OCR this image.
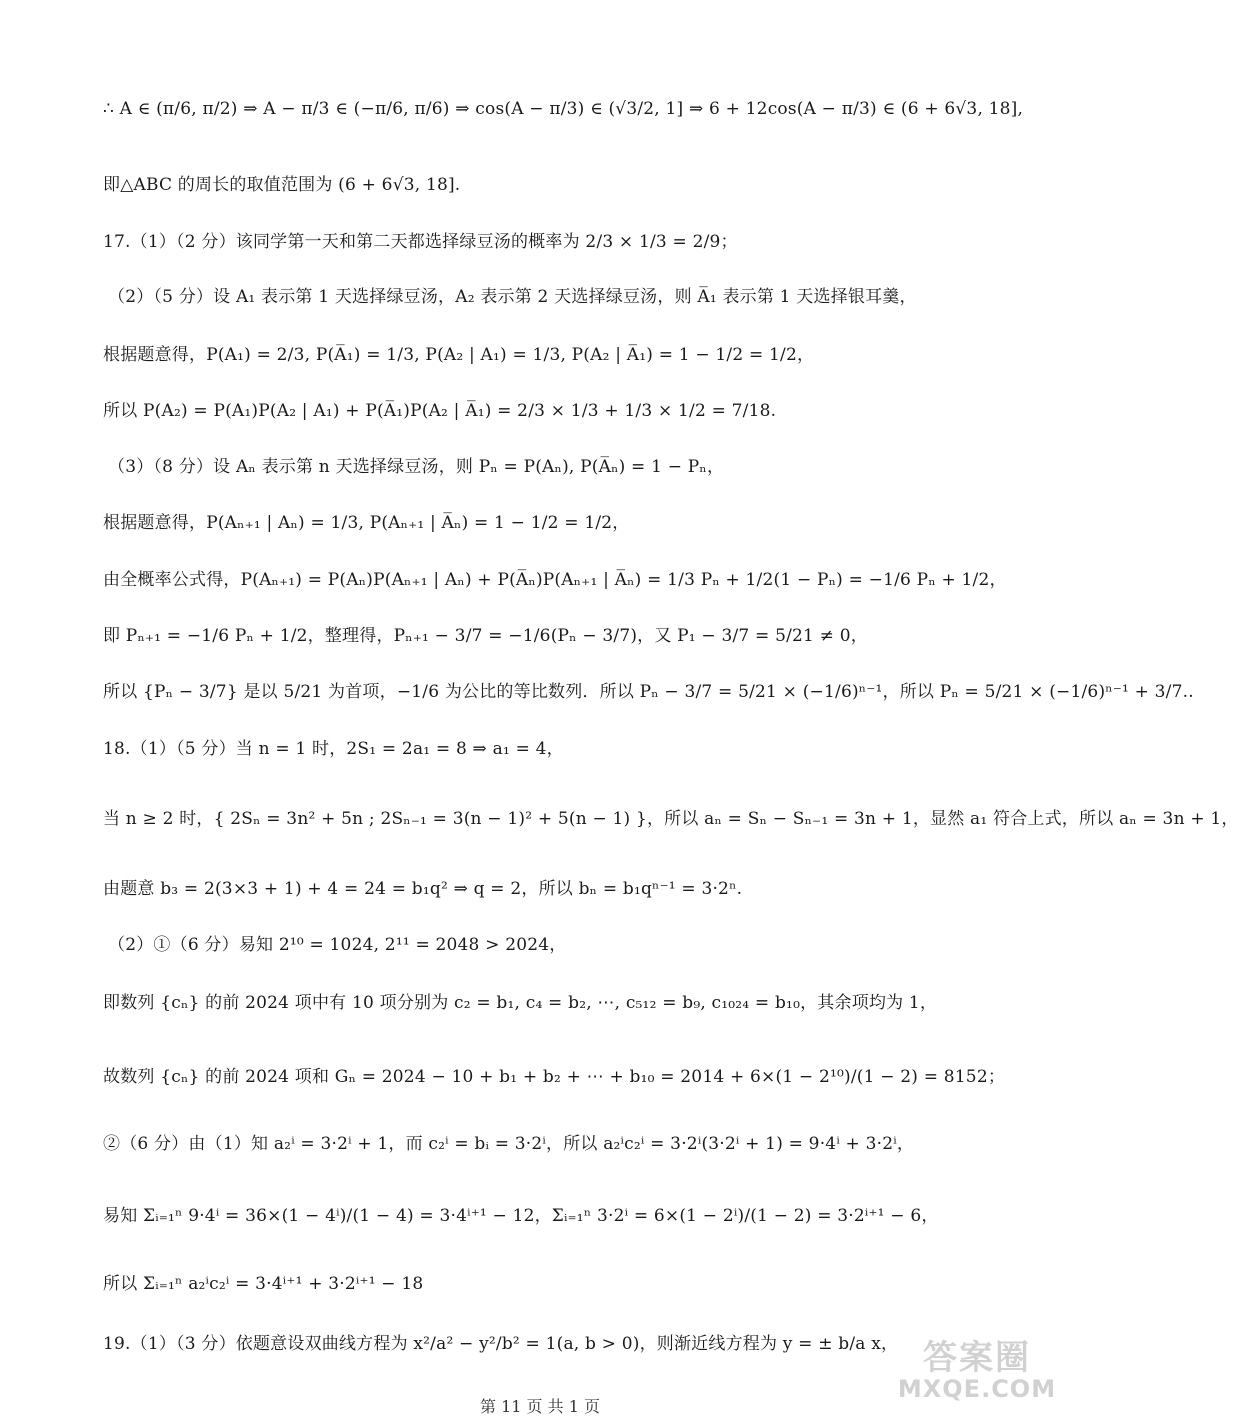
∴ A ∈ (π/6, π/2) ⇒ A − π/3 ∈ (−π/6, π/6) ⇒ cos(A − π/3) ∈ (√3/2, 1] ⇒ 6 + 12cos(A − π/3) ∈ (6 + 6√3, 18],
即△ABC 的周长的取值范围为 (6 + 6√3, 18].
17.（1）（2 分）该同学第一天和第二天都选择绿豆汤的概率为 2/3 × 1/3 = 2/9；
（2）（5 分）设 A₁ 表示第 1 天选择绿豆汤，A₂ 表示第 2 天选择绿豆汤，则 A̅₁ 表示第 1 天选择银耳羹，
根据题意得，P(A₁) = 2/3, P(A̅₁) = 1/3, P(A₂ | A₁) = 1/3, P(A₂ | A̅₁) = 1 − 1/2 = 1/2，
所以 P(A₂) = P(A₁)P(A₂ | A₁) + P(A̅₁)P(A₂ | A̅₁) = 2/3 × 1/3 + 1/3 × 1/2 = 7/18.
（3）（8 分）设 Aₙ 表示第 n 天选择绿豆汤，则 Pₙ = P(Aₙ), P(A̅ₙ) = 1 − Pₙ，
根据题意得，P(Aₙ₊₁ | Aₙ) = 1/3, P(Aₙ₊₁ | A̅ₙ) = 1 − 1/2 = 1/2，
由全概率公式得，P(Aₙ₊₁) = P(Aₙ)P(Aₙ₊₁ | Aₙ) + P(A̅ₙ)P(Aₙ₊₁ | A̅ₙ) = 1/3 Pₙ + 1/2(1 − Pₙ) = −1/6 Pₙ + 1/2，
即 Pₙ₊₁ = −1/6 Pₙ + 1/2，整理得，Pₙ₊₁ − 3/7 = −1/6(Pₙ − 3/7)，又 P₁ − 3/7 = 5/21 ≠ 0，
所以 {Pₙ − 3/7} 是以 5/21 为首项，−1/6 为公比的等比数列．所以 Pₙ − 3/7 = 5/21 × (−1/6)ⁿ⁻¹，所以 Pₙ = 5/21 × (−1/6)ⁿ⁻¹ + 3/7..
18.（1）（5 分）当 n = 1 时，2S₁ = 2a₁ = 8 ⇒ a₁ = 4，
当 n ≥ 2 时，{ 2Sₙ = 3n² + 5n ; 2Sₙ₋₁ = 3(n − 1)² + 5(n − 1) }，所以 aₙ = Sₙ − Sₙ₋₁ = 3n + 1，显然 a₁ 符合上式，所以 aₙ = 3n + 1，
由题意 b₃ = 2(3×3 + 1) + 4 = 24 = b₁q² ⇒ q = 2，所以 bₙ = b₁qⁿ⁻¹ = 3·2ⁿ.
（2）①（6 分）易知 2¹⁰ = 1024, 2¹¹ = 2048 > 2024，
即数列 {cₙ} 的前 2024 项中有 10 项分别为 c₂ = b₁, c₄ = b₂, ⋯, c₅₁₂ = b₉, c₁₀₂₄ = b₁₀，其余项均为 1，
故数列 {cₙ} 的前 2024 项和 Gₙ = 2024 − 10 + b₁ + b₂ + ⋯ + b₁₀ = 2014 + 6×(1 − 2¹⁰)/(1 − 2) = 8152；
②（6 分）由（1）知 a₂ⁱ = 3·2ⁱ + 1，而 c₂ⁱ = bᵢ = 3·2ⁱ，所以 a₂ⁱc₂ⁱ = 3·2ⁱ(3·2ⁱ + 1) = 9·4ⁱ + 3·2ⁱ，
易知 Σᵢ₌₁ⁿ 9·4ⁱ = 36×(1 − 4ⁱ)/(1 − 4) = 3·4ⁱ⁺¹ − 12，Σᵢ₌₁ⁿ 3·2ⁱ = 6×(1 − 2ⁱ)/(1 − 2) = 3·2ⁱ⁺¹ − 6，
所以 Σᵢ₌₁ⁿ a₂ⁱc₂ⁱ = 3·4ⁱ⁺¹ + 3·2ⁱ⁺¹ − 18
19.（1）（3 分）依题意设双曲线方程为 x²/a² − y²/b² = 1(a, b > 0)，则渐近线方程为 y = ± b/a x，
第 11 页 共 1 页
答案圈
MXQE.COM
